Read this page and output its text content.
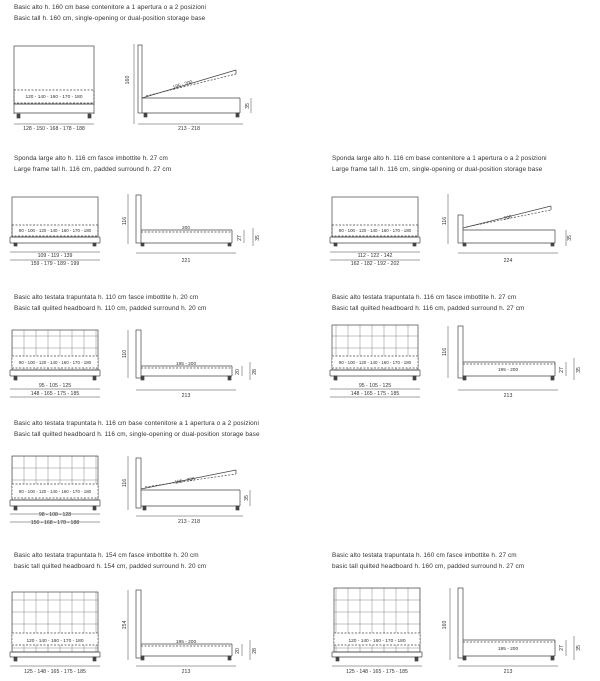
Basic alto h. 160 cm base contenitore a 1 apertura o a 2 posizioni
Basic tall h. 160 cm, single-opening or dual-position storage base
Sponda large alto h. 116 cm fasce imbottite h. 27 cm
Large frame tall h. 116 cm, padded surround h. 27 cm
Sponda large alto h. 116 cm base contenitore a 1 apertura o a 2 posizioni
Large frame tall h. 116 cm, single-opening or dual-position storage base
Basic alto testata trapuntata h. 110 cm fasce imbottite h. 20 cm
Basic tall quilted headboard h. 110 cm, padded surround h. 20 cm
Basic alto testata trapuntata h. 116 cm fasce imbottite h. 27 cm
Basic tall quilted headboard h. 116 cm, padded surround h. 27 cm
Basic alto testata trapuntata h. 116 cm base contenitore a 1 apertura o a 2 posizioni
Basic tall quilted headboard h. 116 cm, single-opening or dual-position storage base
Basic alto testata trapuntata h. 154 cm fasce imbottite h. 20 cm
basic tall quilted headboard h. 154 cm, padded surround h. 20 cm
Basic alto testata trapuntata h. 160 cm fasce imbottite h. 27 cm
basic tall quilted headboard h. 160 cm, padded surround h. 27 cm
120 - 140 - 160 - 170 - 180
128 - 150 - 168 - 178 - 188
160
195 - 200
35
213 - 218
90 - 100 - 120 - 140 - 160 - 170 - 180
109 - 119 - 139
159 - 179 - 189 - 199
116
200
27 35
221
90 - 100 - 120 - 140 - 160 - 170 - 180
112 - 122 - 142
162 - 182 - 192 - 202
116	200
35
224
90 - 100 - 120 - 140 - 160 - 170 - 180
95 - 105 - 125
148 - 165 - 175 - 185
110
195 - 200
20 28
213
90 - 100 - 120 - 140 - 160 - 170 - 180
95 - 105 - 125
148 - 165 - 175 - 185
116
195 - 200	27 35
213
90 - 100 - 120 - 140 - 160 - 170 - 180
98 - 108 - 128
150 - 168 - 178 - 188
116	195 - 200
35
213 - 218
120 - 140 - 160 - 170 - 180
125 - 148 - 165 - 175 - 185
154
195 - 200
20 28
213
120 - 140 - 160 - 170 - 180
125 - 148 - 165 - 175 - 185
160
195 - 200	27 35
213
